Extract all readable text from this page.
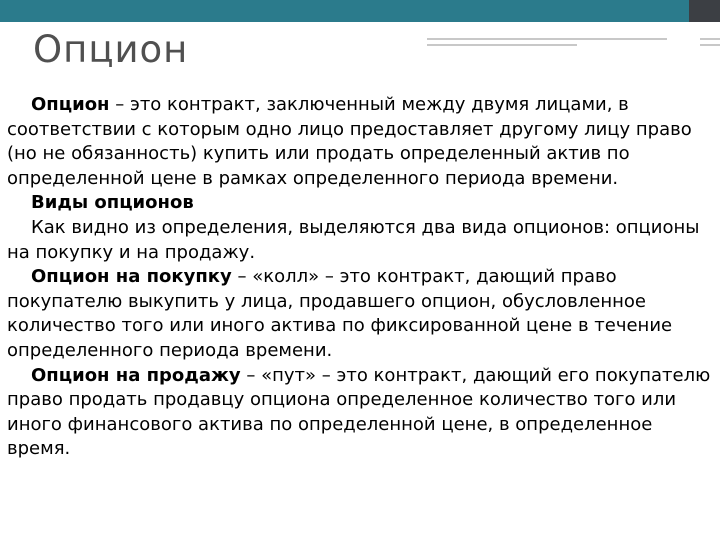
Опцион

Опцион – это контракт, заключенный между двумя лицами, в соответствии с которым одно лицо предоставляет другому лицу право (но не обязанность) купить или продать определенный актив по определенной цене в рамках определенного периода времени.

Виды опционов

Как видно из определения, выделяются два вида опционов: опционы на покупку и на продажу.

Опцион на покупку – «колл» – это контракт, дающий право покупателю выкупить у лица, продавшего опцион, обусловленное количество того или иного актива по фиксированной цене в течение определенного периода времени.

Опцион на продажу – «пут» – это контракт, дающий его покупателю право продать продавцу опциона определенное количество того или иного финансового актива по определенной цене, в определенное время.
